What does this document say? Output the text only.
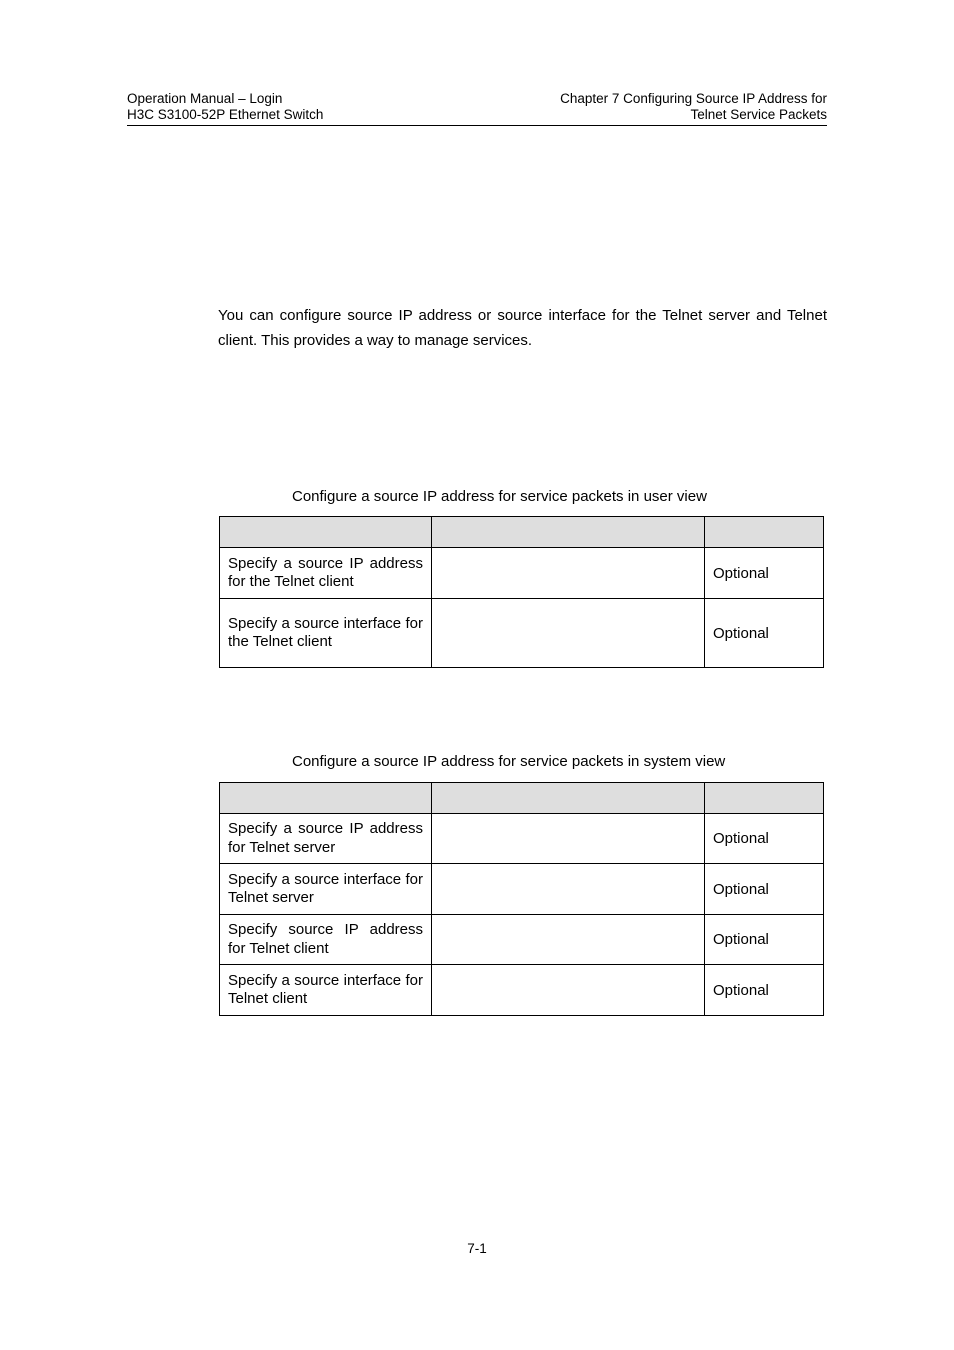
Operation Manual – Login
H3C S3100-52P Ethernet Switch
Chapter 7 Configuring Source IP Address for
Telnet Service Packets

You can configure source IP address or source interface for the Telnet server and Telnet client. This provides a way to manage services.

Configure a source IP address for service packets in user view

Specify a source IP address for the Telnet client		Optional
Specify a source interface for the Telnet client		Optional
Configure a source IP address for service packets in system view

Specify a source IP address for Telnet server		Optional
Specify a source interface for Telnet server		Optional
Specify source IP address for Telnet client		Optional
Specify a source interface for Telnet client		Optional
7-1
